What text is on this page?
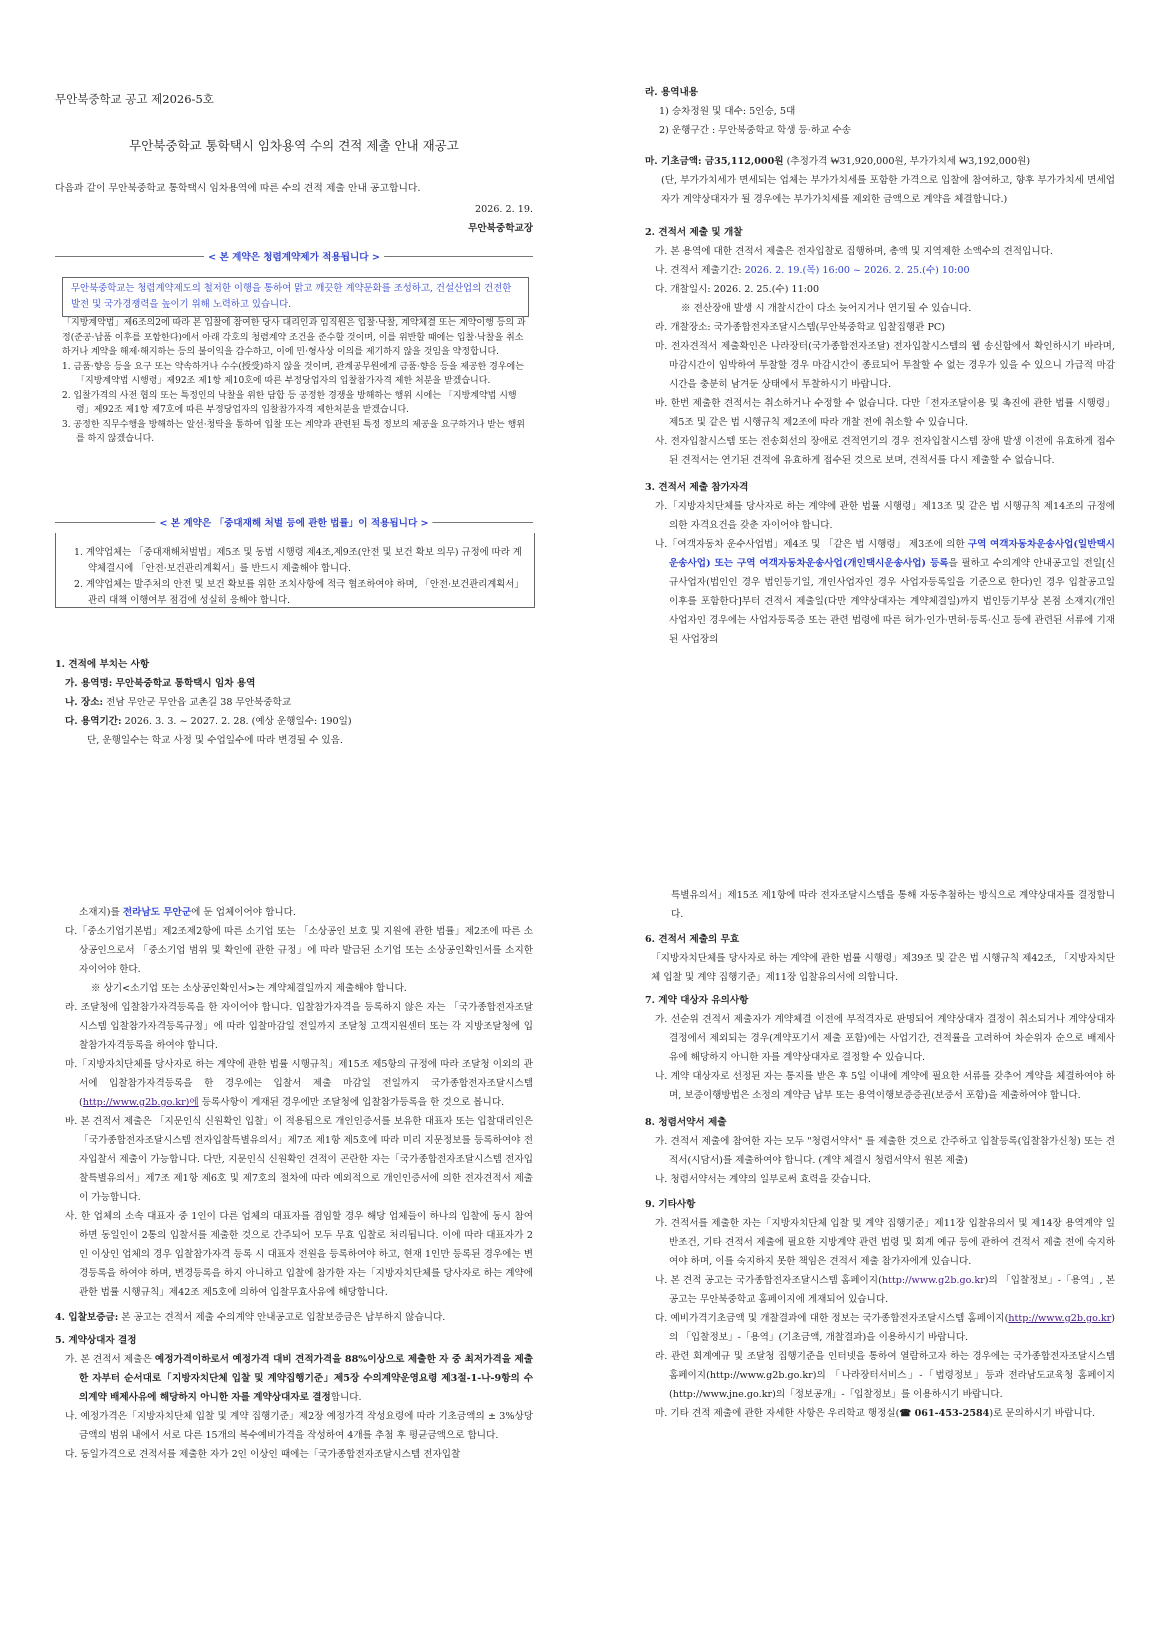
무안북중학교 공고 제2026-5호
무안북중학교 통학택시 임차용역 수의 견적 제출 안내 재공고
다음과 같이 무안북중학교 통학택시 임차용역에 따른 수의 견적 제출 안내 공고합니다.
2026. 2. 19.
무안북중학교장
< 본 계약은 청렴계약제가 적용됩니다 >

무안북중학교는 청렴계약제도의 철저한 이행을 통하여 맑고 깨끗한 계약문화를 조성하고, 건설산업의 건전한 발전 및 국가경쟁력을 높이기 위해 노력하고 있습니다.

「지방계약법」제6조의2에 따라 본 입찰에 참여한 당사 대리인과 임직원은 입찰·낙찰, 계약체결 또는 계약이행 등의 과정(준공·납품 이후를 포함한다)에서 아래 각호의 청렴계약 조건을 준수할 것이며, 이를 위반할 때에는 입찰·낙찰을 취소하거나 계약을 해제·해지하는 등의 불이익을 감수하고, 이에 민·형사상 이의를 제기하지 않을 것임을 약정합니다.

1. 금품·향응 등을 요구 또는 약속하거나 수수(授受)하지 않을 것이며, 관계공무원에게 금품·향응 등을 제공한 경우에는 「지방계약법 시행령」제92조 제1항 제10호에 따른 부정당업자의 입찰참가자격 제한 처분을 받겠습니다.

2. 입찰가격의 사전 협의 또는 특정인의 낙찰을 위한 담합 등 공정한 경쟁을 방해하는 행위 시에는 「지방계약법 시행령」제92조 제1항 제7호에 따른 부정당업자의 입찰참가자격 제한처분을 받겠습니다.

3. 공정한 직무수행을 방해하는 알선·청탁을 통하여 입찰 또는 계약과 관련된 특정 정보의 제공을 요구하거나 받는 행위를 하지 않겠습니다.

< 본 계약은 「중대재해 처벌 등에 관한 법률」이 적용됩니다 >

1. 계약업체는 「중대재해처벌법」제5조 및 동법 시행령 제4조,제9조(안전 및 보건 확보 의무) 규정에 따라 계약체결시에 「안전·보건관리계획서」를 반드시 제출해야 합니다.

2. 계약업체는 발주처의 안전 및 보건 확보를 위한 조치사항에 적극 협조하여야 하며, 「안전·보건관리계획서」관리 대책 이행여부 점검에 성실히 응해야 합니다.

1. 견적에 부치는 사항

가. 용역명: 무안북중학교 통학택시 임차 용역

나. 장소: 전남 무안군 무안읍 교촌길 38 무안북중학교

다. 용역기간: 2026. 3. 3. ~ 2027. 2. 28. (예상 운행일수: 190일)

단, 운행일수는 학교 사정 및 수업일수에 따라 변경될 수 있음.

라. 용역내용

1) 승차정원 및 대수: 5인승, 5대

2) 운행구간 : 무안북중학교 학생 등·하교 수송

마. 기초금액: 금35,112,000원 (추정가격 ₩31,920,000원, 부가가치세 ₩3,192,000원)

(단, 부가가치세가 면세되는 업체는 부가가치세를 포함한 가격으로 입찰에 참여하고, 향후 부가가치세 면세업자가 계약상대자가 될 경우에는 부가가치세를 제외한 금액으로 계약을 체결합니다.)

2. 견적서 제출 및 개찰

가. 본 용역에 대한 견적서 제출은 전자입찰로 집행하며, 총액 및 지역제한 소액수의 견적입니다.

나. 견적서 제출기간: 2026. 2. 19.(목) 16:00 ~ 2026. 2. 25.(수) 10:00

다. 개찰일시: 2026. 2. 25.(수) 11:00

※ 전산장애 발생 시 개찰시간이 다소 늦어지거나 연기될 수 있습니다.

라. 개찰장소: 국가종합전자조달시스템(무안북중학교 입찰집행관 PC)

마. 전자견적서 제출확인은 나라장터(국가종합전자조달) 전자입찰시스템의 웹 송신함에서 확인하시기 바라며, 마감시간이 임박하여 투찰할 경우 마감시간이 종료되어 투찰할 수 없는 경우가 있을 수 있으니 가급적 마감시간을 충분히 남겨둔 상태에서 투찰하시기 바랍니다.

바. 한번 제출한 견적서는 취소하거나 수정할 수 없습니다. 다만「전자조달이용 및 촉진에 관한 법률 시행령」제5조 및 같은 법 시행규칙 제2조에 따라 개찰 전에 취소할 수 있습니다.

사. 전자입찰시스템 또는 전송회선의 장애로 견적연기의 경우 전자입찰시스템 장애 발생 이전에 유효하게 접수된 견적서는 연기된 견적에 유효하게 접수된 것으로 보며, 견적서를 다시 제출할 수 없습니다.

3. 견적서 제출 참가자격

가.「지방자치단체를 당사자로 하는 계약에 관한 법률 시행령」제13조 및 같은 법 시행규칙 제14조의 규정에 의한 자격요건을 갖춘 자이어야 합니다.

나.「여객자동차 운수사업법」제4조 및 「같은 법 시행령」 제3조에 의한 구역 여객자동차운송사업(일반택시운송사업) 또는 구역 여객자동차운송사업(개인택시운송사업) 등록을 필하고 수의계약 안내공고일 전일[신규사업자(법인인 경우 법인등기일, 개인사업자인 경우 사업자등록일을 기준으로 한다)인 경우 입찰공고일 이후를 포함한다]부터 견적서 제출일(다만 계약상대자는 계약체결일)까지 법인등기부상 본점 소재지(개인사업자인 경우에는 사업자등록증 또는 관련 법령에 따른 허가·인가·면허·등록·신고 등에 관련된 서류에 기재된 사업장의

소재지)를 전라남도 무안군에 둔 업체이어야 합니다.

다.「중소기업기본법」제2조제2항에 따른 소기업 또는 「소상공인 보호 및 지원에 관한 법률」제2조에 따른 소상공인으로서 「중소기업 범위 및 확인에 관한 규정」에 따라 발급된 소기업 또는 소상공인확인서를 소지한 자이어야 한다.

※ 상기<소기업 또는 소상공인확인서>는 계약체결일까지 제출해야 합니다.

라. 조달청에 입찰참가자격등록을 한 자이어야 합니다. 입찰참가자격을 등록하지 않은 자는 「국가종합전자조달시스템 입찰참가자격등록규정」에 따라 입찰마감일 전일까지 조달청 고객지원센터 또는 각 지방조달청에 입찰참가자격등록을 하여야 합니다.

마.「지방자치단체를 당사자로 하는 계약에 관한 법률 시행규칙」제15조 제5항의 규정에 따라 조달청 이외의 관서에 입찰참가자격등록을 한 경우에는 입찰서 제출 마감일 전일까지 국가종합전자조달시스템(http://www.g2b.go.kr)에 등록사항이 게재된 경우에만 조달청에 입찰참가등록을 한 것으로 봅니다.

바. 본 견적서 제출은 「지문인식 신원확인 입찰」이 적용됨으로 개인인증서를 보유한 대표자 또는 입찰대리인은 「국가종합전자조달시스템 전자입찰특별유의서」제7조 제1항 제5호에 따라 미리 지문정보를 등록하여야 전자입찰서 제출이 가능합니다. 다만, 지문인식 신원확인 견적이 곤란한 자는「국가종합전자조달시스템 전자입찰특별유의서」제7조 제1항 제6호 및 제7호의 절차에 따라 예외적으로 개인인증서에 의한 전자견적서 제출이 가능합니다.

사. 한 업체의 소속 대표자 중 1인이 다른 업체의 대표자를 겸임할 경우 해당 업체들이 하나의 입찰에 동시 참여하면 동일인이 2통의 입찰서를 제출한 것으로 간주되어 모두 무효 입찰로 처리됩니다. 이에 따라 대표자가 2인 이상인 업체의 경우 입찰참가자격 등록 시 대표자 전원을 등록하여야 하고, 현재 1인만 등록된 경우에는 변경등록을 하여야 하며, 변경등록을 하지 아니하고 입찰에 참가한 자는「지방자치단체를 당사자로 하는 계약에 관한 법률 시행규칙」제42조 제5호에 의하여 입찰무효사유에 해당합니다.

4. 입찰보증금: 본 공고는 견적서 제출 수의계약 안내공고로 입찰보증금은 납부하지 않습니다.

5. 계약상대자 결정

가. 본 견적서 제출은 예정가격이하로서 예정가격 대비 견적가격을 88%이상으로 제출한 자 중 최저가격을 제출한 자부터 순서대로「지방자치단체 입찰 및 계약집행기준」제5장 수의계약운영요령 제3절-1-나-9항의 수의계약 배제사유에 해당하지 아니한 자를 계약상대자로 결정합니다.

나. 예정가격은「지방자치단체 입찰 및 계약 집행기준」제2장 예정가격 작성요령에 따라 기초금액의 ± 3%상당 금액의 범위 내에서 서로 다른 15개의 복수예비가격을 작성하여 4개를 추첨 후 평균금액으로 합니다.

다. 동일가격으로 견적서를 제출한 자가 2인 이상인 때에는「국가종합전자조달시스템 전자입찰

특별유의서」제15조 제1항에 따라 전자조달시스템을 통해 자동추첨하는 방식으로 계약상대자를 결정합니다.

6. 견적서 제출의 무효

「지방자치단체를 당사자로 하는 계약에 관한 법률 시행령」제39조 및 같은 법 시행규칙 제42조, 「지방자치단체 입찰 및 계약 집행기준」제11장 입찰유의서에 의합니다.

7. 계약 대상자 유의사항

가. 선순위 견적서 제출자가 계약체결 이전에 부적격자로 판명되어 계약상대자 결정이 취소되거나 계약상대자 결정에서 제외되는 경우(계약포기서 제출 포함)에는 사업기간, 견적률을 고려하여 차순위자 순으로 배제사유에 해당하지 아니한 자를 계약상대자로 결정할 수 있습니다.

나. 계약 대상자로 선정된 자는 통지를 받은 후 5일 이내에 계약에 필요한 서류를 갖추어 계약을 체결하여야 하며, 보증이행방법은 소정의 계약금 납부 또는 용역이행보증증권(보증서 포함)을 제출하여야 합니다.

8. 청렴서약서 제출

가. 견적서 제출에 참여한 자는 모두 "청렴서약서" 를 제출한 것으로 간주하고 입찰등록(입찰참가신청) 또는 견적서(시담서)를 제출하여야 합니다. (계약 체결시 청렴서약서 원본 제출)

나. 청렴서약서는 계약의 일부로써 효력을 갖습니다.

9. 기타사항

가. 견적서를 제출한 자는「지방자치단체 입찰 및 계약 집행기준」제11장 입찰유의서 및 제14장 용역계약 일반조건, 기타 견적서 제출에 필요한 지방계약 관련 법령 및 회계 예규 등에 관하여 견적서 제출 전에 숙지하여야 하며, 이를 숙지하지 못한 책임은 견적서 제출 참가자에게 있습니다.

나. 본 견적 공고는 국가종합전자조달시스템 홈페이지(http://www.g2b.go.kr)의 「입찰정보」-「용역」, 본 공고는 무안북중학교 홈페이지에 게재되어 있습니다.

다. 예비가격기초금액 및 개찰결과에 대한 정보는 국가종합전자조달시스템 홈페이지(http://www.g2b.go.kr)의 「입찰정보」-「용역」(기초금액, 개찰결과)을 이용하시기 바랍니다.

라. 관련 회계예규 및 조달청 집행기준을 인터넷을 통하여 열람하고자 하는 경우에는 국가종합전자조달시스템 홈페이지(http://www.g2b.go.kr)의 「나라장터서비스」-「법령정보」등과 전라남도교육청 홈페이지(http://www.jne.go.kr)의「정보공개」-「입찰정보」를 이용하시기 바랍니다.

마. 기타 견적 제출에 관한 자세한 사항은 우리학교 행정실(☎ 061-453-2584)로 문의하시기 바랍니다.
